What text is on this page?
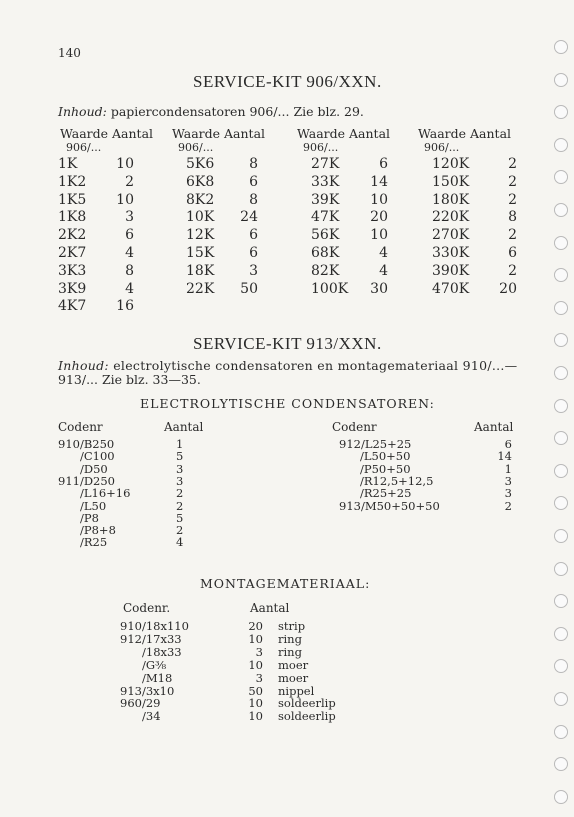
140
SERVICE-KIT 906/XXN.
Inhoud: papiercondensatoren 906/... Zie blz. 29.
Waarde Aantal
906/...
Waarde Aantal
906/...
Waarde Aantal
906/...
Waarde Aantal
906/...
1K	10
1K2	2
1K5 10
1K8	3
2K2	6
2K7	4
3K3	8
3K9	4
4K7 16
5K6 8
6K8 6
8K2 8
10K 24
12K 6
15K 6
18K 3
22K 50
27K	6
33K 14
39K 10
47K 20
56K 10
68K	4
82K	4
100K 30
120K	2
150K	2
180K	2
220K	8
270K	2
330K	6
390K	2
470K 20
SERVICE-KIT 913/XXN.
Inhoud: electrolytische condensatoren en montagemateriaal 910/...—
913/... Zie blz. 33—35.
ELECTROLYTISCHE CONDENSATOREN:
Codenr	Aantal	Codenr	Aantal
910/B250	1
/C100	5
/D50	3
911/D250	3
/L16+16	2
/L50	2
/P8	5
/P8+8	2
/R25	4
912/L25+25	6
/L50+50	14
/P50+50	1
/R12,5+12,5	3
/R25+25	3
913/M50+50+50	2
MONTAGEMATERIAAL:
Codenr.	Aantal
910/18x110	20 strip
912/17x33	10 ring
/18x33	3 ring
/G⅜	10 moer
/M18	3 moer
913/3x10	50 nippel
960/29	10 soldeerlip
/34	10 soldeerlip
